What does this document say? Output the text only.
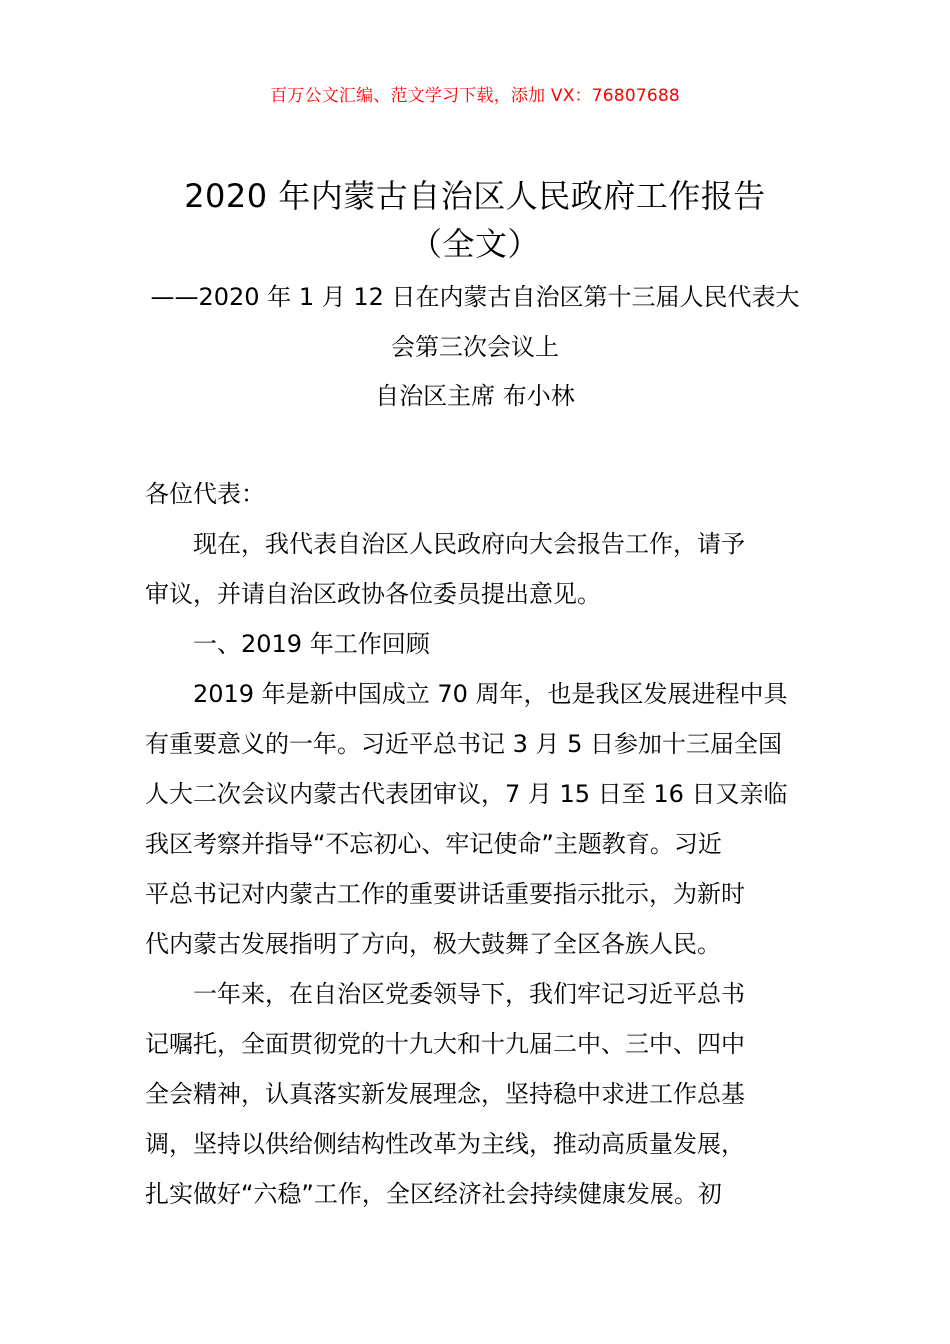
百万公文汇编、范文学习下载，添加 VX：76807688
2020 年内蒙古自治区人民政府工作报告
（全文）
——2020 年 1 月 12 日在内蒙古自治区第十三届人民代表大
会第三次会议上
自治区主席 布小林
各位代表：
现在，我代表自治区人民政府向大会报告工作，请予
审议，并请自治区政协各位委员提出意见。
一、2019 年工作回顾
2019 年是新中国成立 70 周年，也是我区发展进程中具
有重要意义的一年。习近平总书记 3 月 5 日参加十三届全国
人大二次会议内蒙古代表团审议，7 月 15 日至 16 日又亲临
我区考察并指导“不忘初心、牢记使命”主题教育。习近
平总书记对内蒙古工作的重要讲话重要指示批示，为新时
代内蒙古发展指明了方向，极大鼓舞了全区各族人民。
一年来，在自治区党委领导下，我们牢记习近平总书
记嘱托，全面贯彻党的十九大和十九届二中、三中、四中
全会精神，认真落实新发展理念，坚持稳中求进工作总基
调，坚持以供给侧结构性改革为主线，推动高质量发展，
扎实做好“六稳”工作，全区经济社会持续健康发展。初
